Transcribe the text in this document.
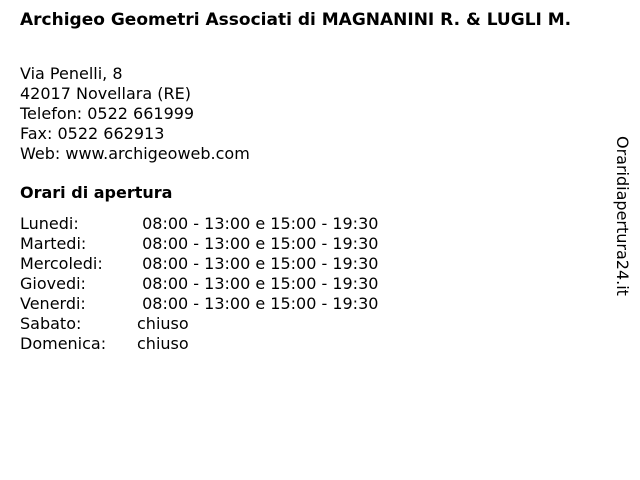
Archigeo Geometri Associati di MAGNANINI R. & LUGLI M.
Via Penelli, 8
42017 Novellara (RE)
Telefon: 0522 661999
Fax: 0522 662913
Web: www.archigeoweb.com
Orari di apertura
Lunedi:	08:00 - 13:00 e 15:00 - 19:30
Martedi:	08:00 - 13:00 e 15:00 - 19:30
Mercoledi:	08:00 - 13:00 e 15:00 - 19:30
Giovedi:	08:00 - 13:00 e 15:00 - 19:30
Venerdi:	08:00 - 13:00 e 15:00 - 19:30
Sabato:	chiuso
Domenica:	chiuso
Oraridiapertura24.it
